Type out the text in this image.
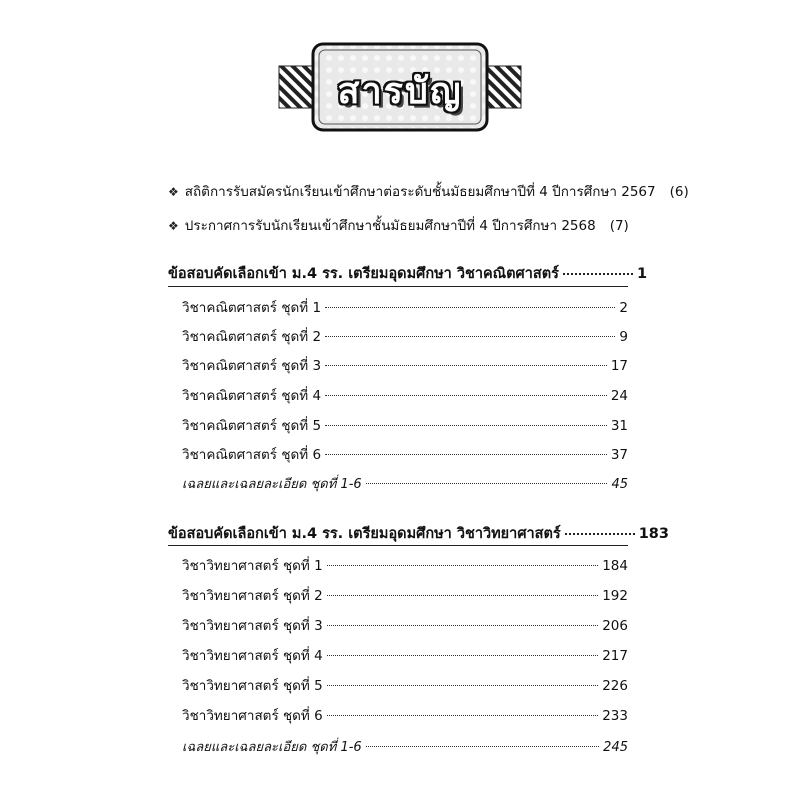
สารบัญ
❖ สถิติการรับสมัครนักเรียนเข้าศึกษาต่อระดับชั้นมัธยมศึกษาปีที่ 4 ปีการศึกษา 2567 (6)
❖ ประกาศการรับนักเรียนเข้าศึกษาชั้นมัธยมศึกษาปีที่ 4 ปีการศึกษา 2568 (7)
ข้อสอบคัดเลือกเข้า ม.4 รร. เตรียมอุดมศึกษา วิชาคณิตศาสตร์	1
วิชาคณิตศาสตร์ ชุดที่ 1	2
วิชาคณิตศาสตร์ ชุดที่ 2	9
วิชาคณิตศาสตร์ ชุดที่ 3	17
วิชาคณิตศาสตร์ ชุดที่ 4	24
วิชาคณิตศาสตร์ ชุดที่ 5	31
วิชาคณิตศาสตร์ ชุดที่ 6	37
เฉลยและเฉลยละเอียด ชุดที่ 1-6	45
ข้อสอบคัดเลือกเข้า ม.4 รร. เตรียมอุดมศึกษา วิชาวิทยาศาสตร์	183
วิชาวิทยาศาสตร์ ชุดที่ 1	184
วิชาวิทยาศาสตร์ ชุดที่ 2	192
วิชาวิทยาศาสตร์ ชุดที่ 3	206
วิชาวิทยาศาสตร์ ชุดที่ 4	217
วิชาวิทยาศาสตร์ ชุดที่ 5	226
วิชาวิทยาศาสตร์ ชุดที่ 6	233
เฉลยและเฉลยละเอียด ชุดที่ 1-6	245
